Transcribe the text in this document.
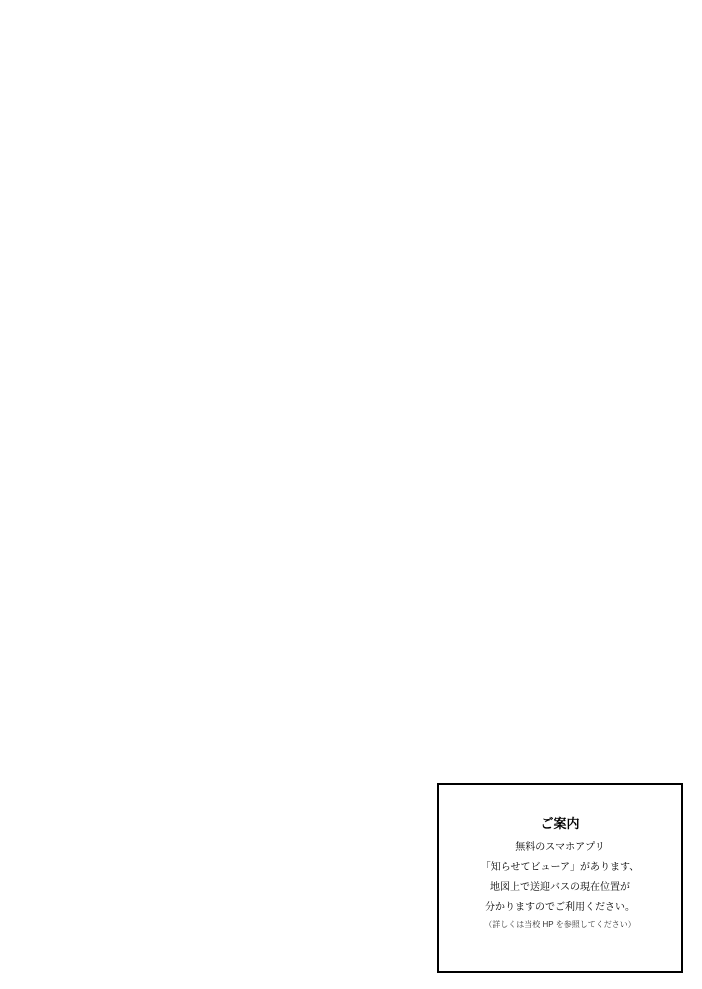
ご案内
無料のスマホアプリ
「知らせてビューア」があります、
地図上で送迎バスの現在位置が
分かりますのでご利用ください。
（詳しくは当校 HP を参照してください）
